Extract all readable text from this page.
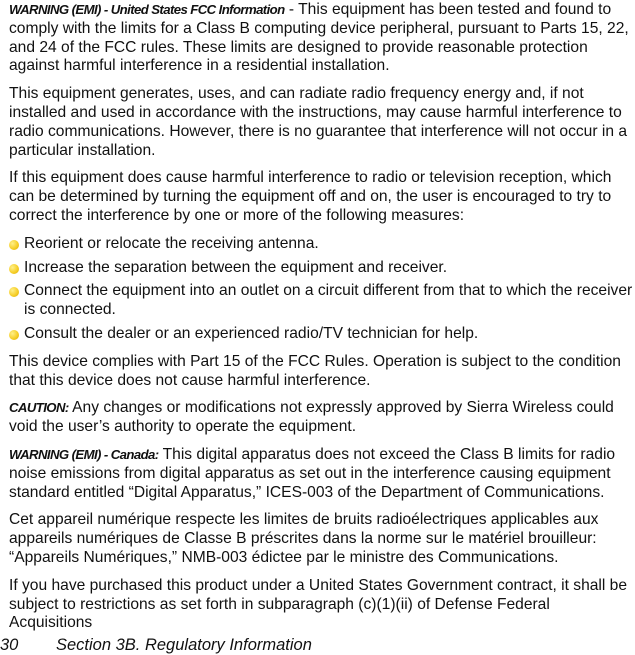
WARNING (EMI) - United States FCC Information - This equipment has been tested and found to comply with the limits for a Class B computing device peripheral, pursuant to Parts 15, 22, and 24 of the FCC rules. These limits are designed to provide reasonable protection against harmful interference in a residential installation.

This equipment generates, uses, and can radiate radio frequency energy and, if not installed and used in accordance with the instructions, may cause harmful interference to radio communications. However, there is no guarantee that interference will not occur in a particular installation.

If this equipment does cause harmful interference to radio or television reception, which can be determined by turning the equipment off and on, the user is encouraged to try to correct the interference by one or more of the following measures:

Reorient or relocate the receiving antenna.
Increase the separation between the equipment and receiver.
Connect the equipment into an outlet on a circuit different from that to which the receiver is connected.
Consult the dealer or an experienced radio/TV technician for help.

This device complies with Part 15 of the FCC Rules. Operation is subject to the condition that this device does not cause harmful interference.

CAUTION: Any changes or modifications not expressly approved by Sierra Wireless could void the user’s authority to operate the equipment.

WARNING (EMI) - Canada: This digital apparatus does not exceed the Class B limits for radio noise emissions from digital apparatus as set out in the interference causing equipment standard entitled “Digital Apparatus,” ICES-003 of the Department of Communications.

Cet appareil numérique respecte les limites de bruits radioélectriques applicables aux appareils numériques de Classe B préscrites dans la norme sur le matériel brouilleur: “Appareils Numériques,” NMB-003 édictee par le ministre des Communications.

If you have purchased this product under a United States Government contract, it shall be subject to restrictions as set forth in subparagraph (c)(1)(ii) of Defense Federal Acquisitions

30 Section 3B. Regulatory Information
